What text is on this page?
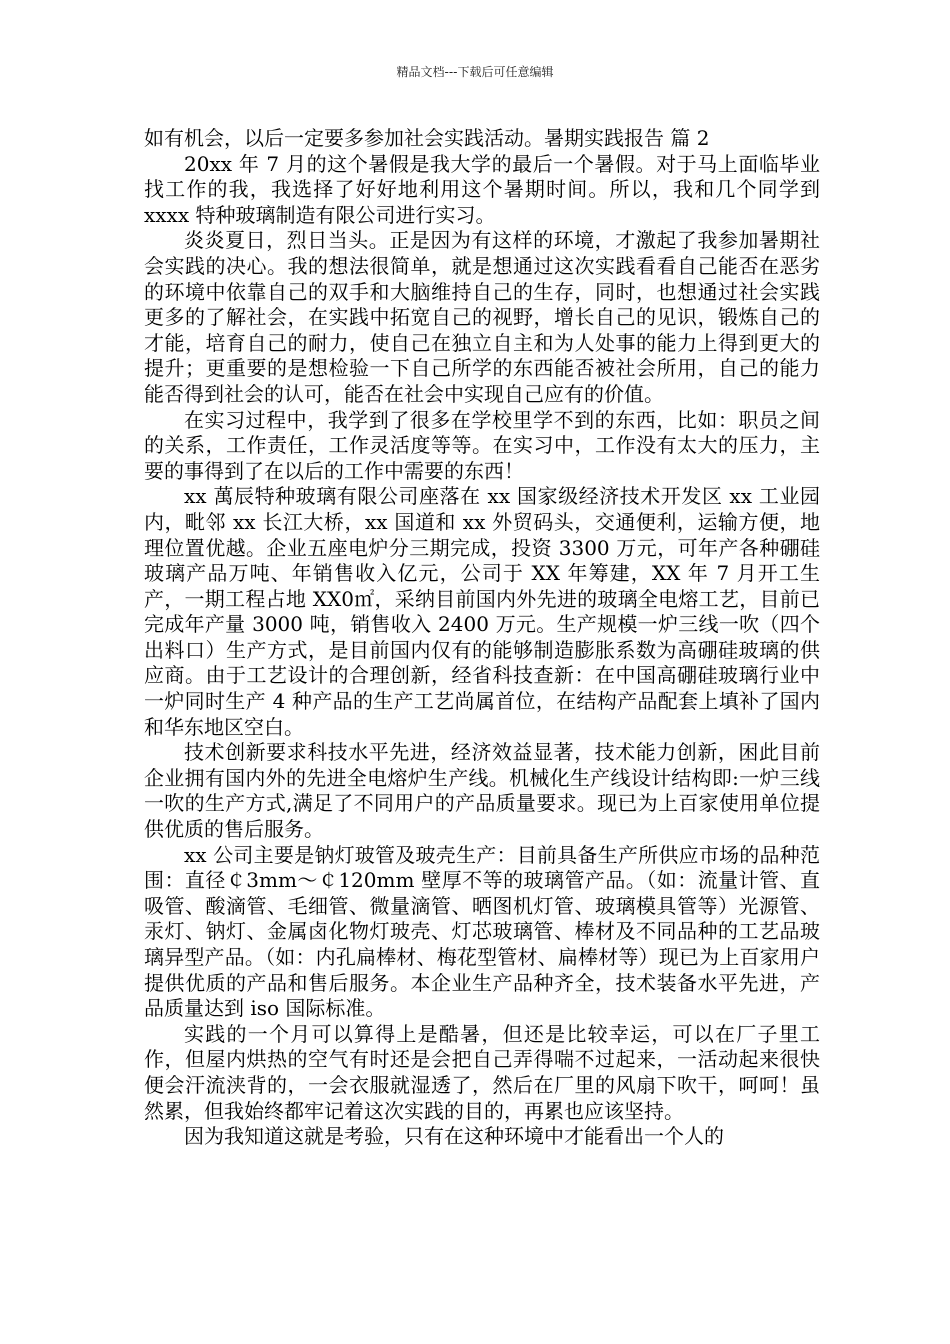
精品文档---下载后可任意编辑

如有机会，以后一定要多参加社会实践活动。暑期实践报告 篇 2

20xx 年 7 月的这个暑假是我大学的最后一个暑假。对于马上面临毕业找工作的我，我选择了好好地利用这个暑期时间。所以，我和几个同学到 xxxx 特种玻璃制造有限公司进行实习。

炎炎夏日，烈日当头。正是因为有这样的环境，才激起了我参加暑期社会实践的决心。我的想法很简单，就是想通过这次实践看看自己能否在恶劣的环境中依靠自己的双手和大脑维持自己的生存，同时，也想通过社会实践更多的了解社会，在实践中拓宽自己的视野，增长自己的见识，锻炼自己的才能，培育自己的耐力，使自己在独立自主和为人处事的能力上得到更大的提升；更重要的是想检验一下自己所学的东西能否被社会所用，自己的能力能否得到社会的认可，能否在社会中实现自己应有的价值。

在实习过程中，我学到了很多在学校里学不到的东西，比如：职员之间的关系，工作责任，工作灵活度等等。在实习中，工作没有太大的压力，主要的事得到了在以后的工作中需要的东西！

xx 萬辰特种玻璃有限公司座落在 xx 国家级经济技术开发区 xx 工业园内，毗邻 xx 长江大桥，xx 国道和 xx 外贸码头，交通便利，运输方便，地理位置优越。企业五座电炉分三期完成，投资 3300 万元，可年产各种硼硅玻璃产品万吨、年销售收入亿元，公司于 XX 年筹建，XX 年 7 月开工生产，一期工程占地 XX0㎡，采纳目前国内外先进的玻璃全电熔工艺，目前已完成年产量 3000 吨，销售收入 2400 万元。生产规模一炉三线一吹（四个出料口）生产方式，是目前国内仅有的能够制造膨胀系数为高硼硅玻璃的供应商。由于工艺设计的合理创新，经省科技查新：在中国高硼硅玻璃行业中一炉同时生产 4 种产品的生产工艺尚属首位，在结构产品配套上填补了国内和华东地区空白。

技术创新要求科技水平先进，经济效益显著，技术能力创新，困此目前企业拥有国内外的先进全电熔炉生产线。机械化生产线设计结构即:一炉三线一吹的生产方式,满足了不同用户的产品质量要求。现已为上百家使用单位提供优质的售后服务。

xx 公司主要是钠灯玻管及玻壳生产：目前具备生产所供应市场的品种范围：直径￠3mm～￠120mm 壁厚不等的玻璃管产品。（如：流量计管、直吸管、酸滴管、毛细管、微量滴管、晒图机灯管、玻璃模具管等）光源管、汞灯、钠灯、金属卤化物灯玻壳、灯芯玻璃管、棒材及不同品种的工艺品玻璃异型产品。（如：内孔扁棒材、梅花型管材、扁棒材等）现已为上百家用户提供优质的产品和售后服务。本企业生产品种齐全，技术装备水平先进，产品质量达到 iso 国际标准。

实践的一个月可以算得上是酷暑，但还是比较幸运，可以在厂子里工作，但屋内烘热的空气有时还是会把自己弄得喘不过起来，一活动起来很快便会汗流浃背的，一会衣服就湿透了，然后在厂里的风扇下吹干，呵呵！虽然累，但我始终都牢记着这次实践的目的，再累也应该坚持。

因为我知道这就是考验，只有在这种环境中才能看出一个人的
